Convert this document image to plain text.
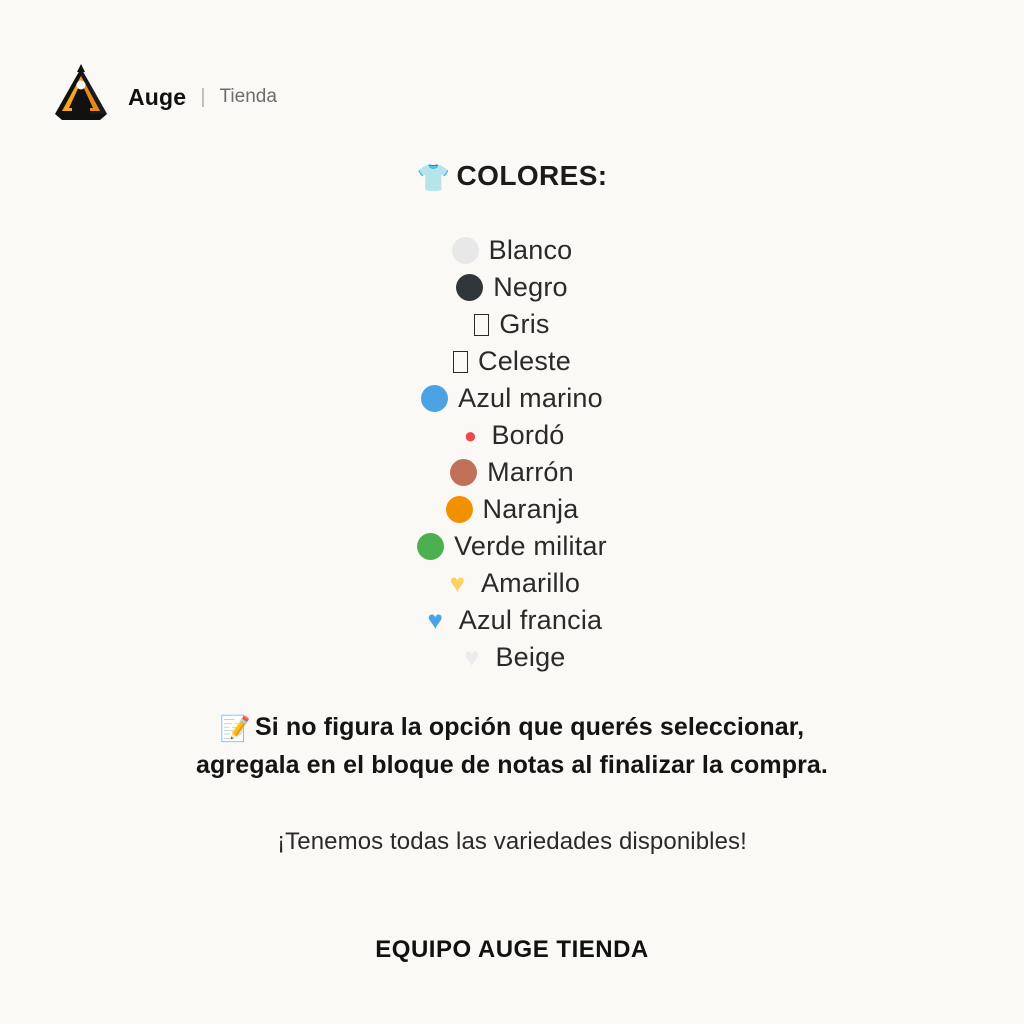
Auge | Tienda
👕 COLORES:
Blanco
Negro
Gris
Celeste
Azul marino
● Bordó
Marrón
Naranja
Verde militar
♥ Amarillo
♥ Azul francia
♥ Beige
📝 Si no figura la opción que querés seleccionar,
agregala en el bloque de notas al finalizar la compra.
¡Tenemos todas las variedades disponibles!
EQUIPO AUGE TIENDA
